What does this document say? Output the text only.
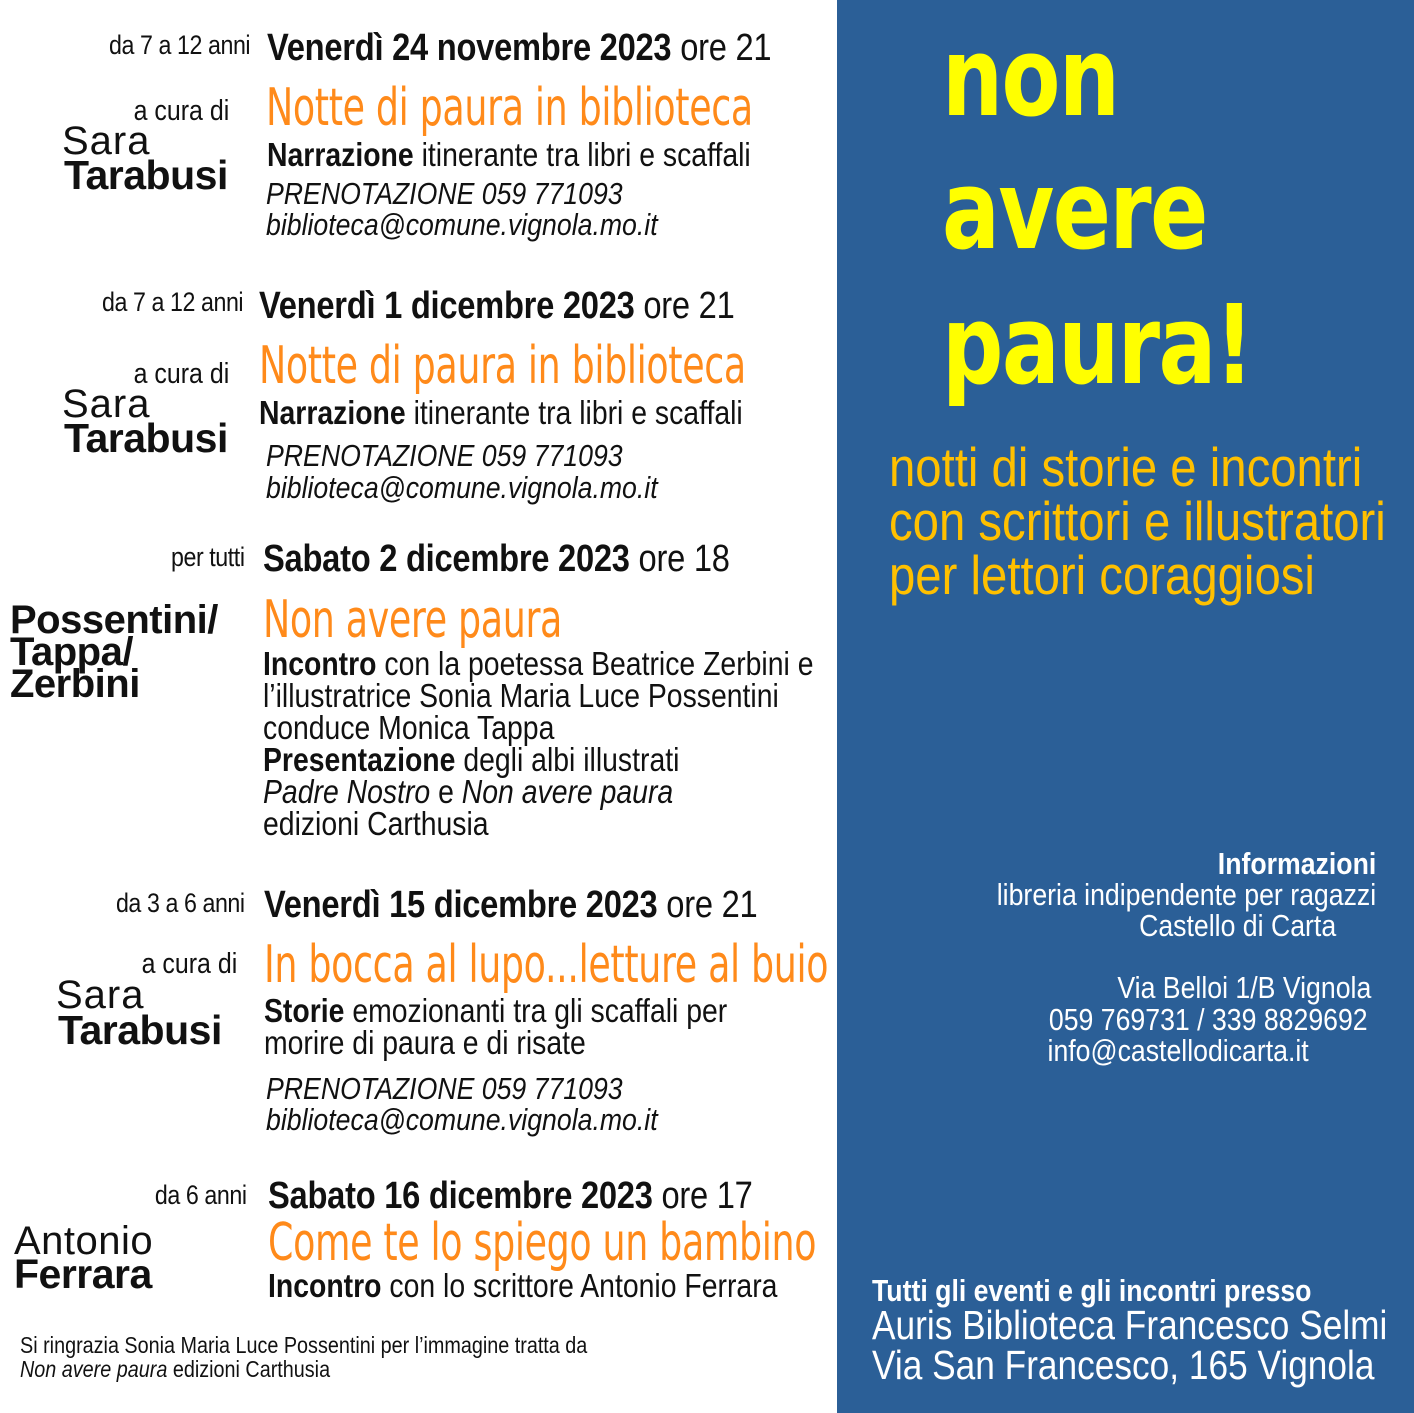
da 7 a 12 anni Venerdì 24 novembre 2023 ore 21
a cura di
Sara
Tarabusi
Notte di paura in biblioteca
Narrazione itinerante tra libri e scaffali
PRENOTAZIONE 059 771093
biblioteca@comune.vignola.mo.it
da 7 a 12 anni Venerdì 1 dicembre 2023 ore 21
a cura di
Sara
Tarabusi
Notte di paura in biblioteca
Narrazione itinerante tra libri e scaffali
PRENOTAZIONE 059 771093
biblioteca@comune.vignola.mo.it
per tutti Sabato 2 dicembre 2023 ore 18
Possentini/
Tappa/
Zerbini
Non avere paura
Incontro con la poetessa Beatrice Zerbini e
l’illustratrice Sonia Maria Luce Possentini
conduce Monica Tappa
Presentazione degli albi illustrati
Padre Nostro e Non avere paura
edizioni Carthusia
da 3 a 6 anni Venerdì 15 dicembre 2023 ore 21
a cura di
Sara
Tarabusi
In bocca al lupo...letture al buio
Storie emozionanti tra gli scaffali per
morire di paura e di risate
PRENOTAZIONE 059 771093
biblioteca@comune.vignola.mo.it
da 6 anni Sabato 16 dicembre 2023 ore 17
Antonio
Ferrara
Come te lo spiego un bambino
Incontro con lo scrittore Antonio Ferrara
Si ringrazia Sonia Maria Luce Possentini per l’immagine tratta da
Non avere paura edizioni Carthusia
non
avere
paura!
notti di storie e incontri
con scrittori e illustratori
per lettori coraggiosi
Informazioni
libreria indipendente per ragazzi
Castello di Carta
Via Belloi 1/B Vignola
059 769731 / 339 8829692
info@castellodicarta.it
Tutti gli eventi e gli incontri presso
Auris Biblioteca Francesco Selmi
Via San Francesco, 165 Vignola
